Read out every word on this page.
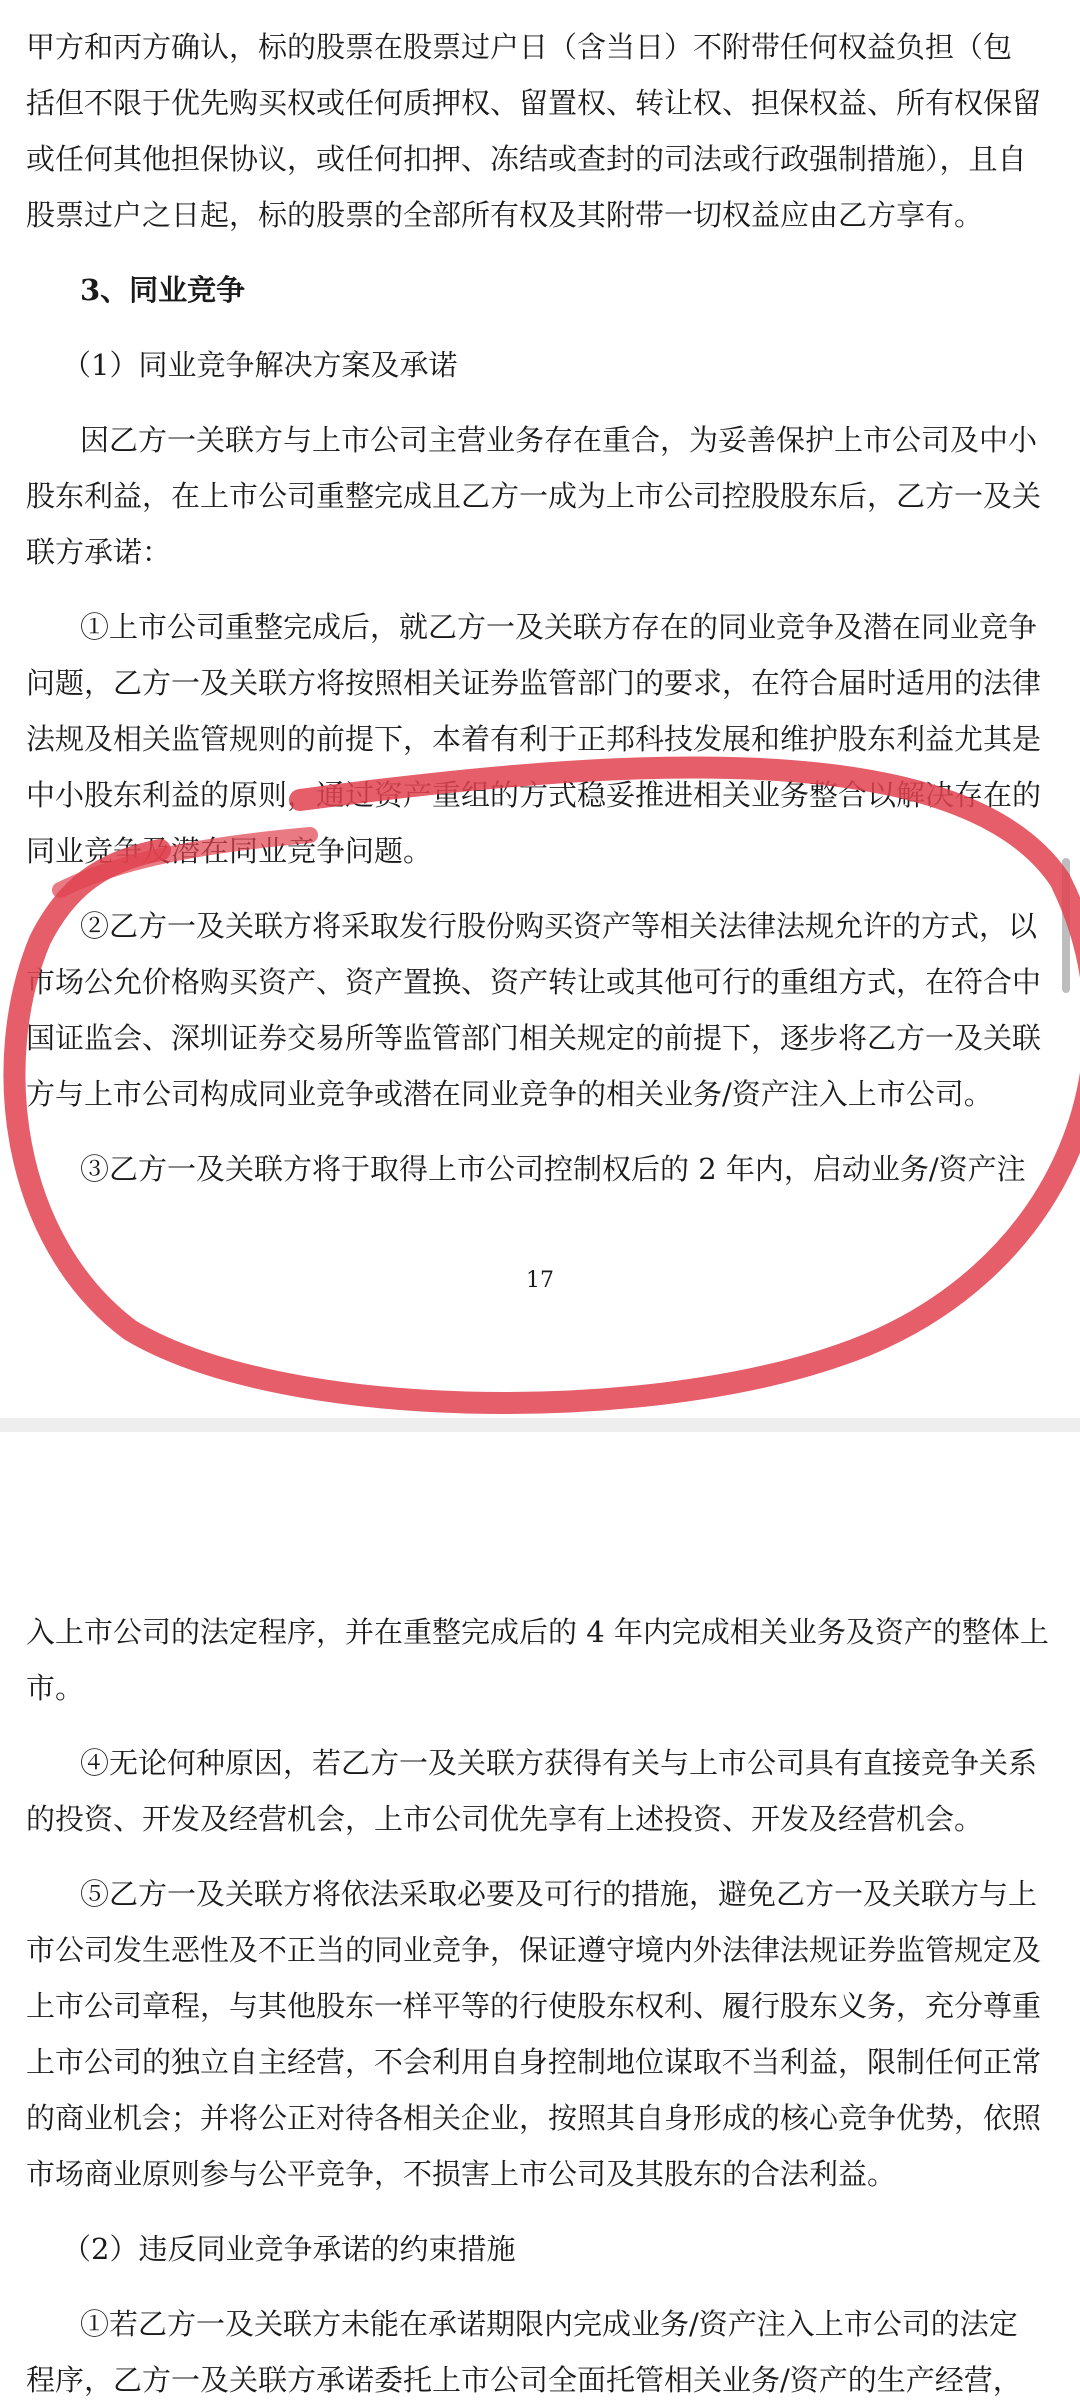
甲方和丙方确认，标的股票在股票过户日（含当日）不附带任何权益负担（包
括但不限于优先购买权或任何质押权、留置权、转让权、担保权益、所有权保留
或任何其他担保协议，或任何扣押、冻结或查封的司法或行政强制措施），且自
股票过户之日起，标的股票的全部所有权及其附带一切权益应由乙方享有。
3、同业竞争
（1）同业竞争解决方案及承诺
因乙方一关联方与上市公司主营业务存在重合，为妥善保护上市公司及中小
股东利益，在上市公司重整完成且乙方一成为上市公司控股股东后，乙方一及关
联方承诺：
①上市公司重整完成后，就乙方一及关联方存在的同业竞争及潜在同业竞争
问题，乙方一及关联方将按照相关证券监管部门的要求，在符合届时适用的法律
法规及相关监管规则的前提下，本着有利于正邦科技发展和维护股东利益尤其是
中小股东利益的原则，通过资产重组的方式稳妥推进相关业务整合以解决存在的
同业竞争及潜在同业竞争问题。
②乙方一及关联方将采取发行股份购买资产等相关法律法规允许的方式，以
市场公允价格购买资产、资产置换、资产转让或其他可行的重组方式，在符合中
国证监会、深圳证券交易所等监管部门相关规定的前提下，逐步将乙方一及关联
方与上市公司构成同业竞争或潜在同业竞争的相关业务/资产注入上市公司。
③乙方一及关联方将于取得上市公司控制权后的 2 年内，启动业务/资产注
17
入上市公司的法定程序，并在重整完成后的 4 年内完成相关业务及资产的整体上
市。
④无论何种原因，若乙方一及关联方获得有关与上市公司具有直接竞争关系
的投资、开发及经营机会，上市公司优先享有上述投资、开发及经营机会。
⑤乙方一及关联方将依法采取必要及可行的措施，避免乙方一及关联方与上
市公司发生恶性及不正当的同业竞争，保证遵守境内外法律法规证券监管规定及
上市公司章程，与其他股东一样平等的行使股东权利、履行股东义务，充分尊重
上市公司的独立自主经营，不会利用自身控制地位谋取不当利益，限制任何正常
的商业机会；并将公正对待各相关企业，按照其自身形成的核心竞争优势，依照
市场商业原则参与公平竞争，不损害上市公司及其股东的合法利益。
（2）违反同业竞争承诺的约束措施
①若乙方一及关联方未能在承诺期限内完成业务/资产注入上市公司的法定
程序，乙方一及关联方承诺委托上市公司全面托管相关业务/资产的生产经营，
